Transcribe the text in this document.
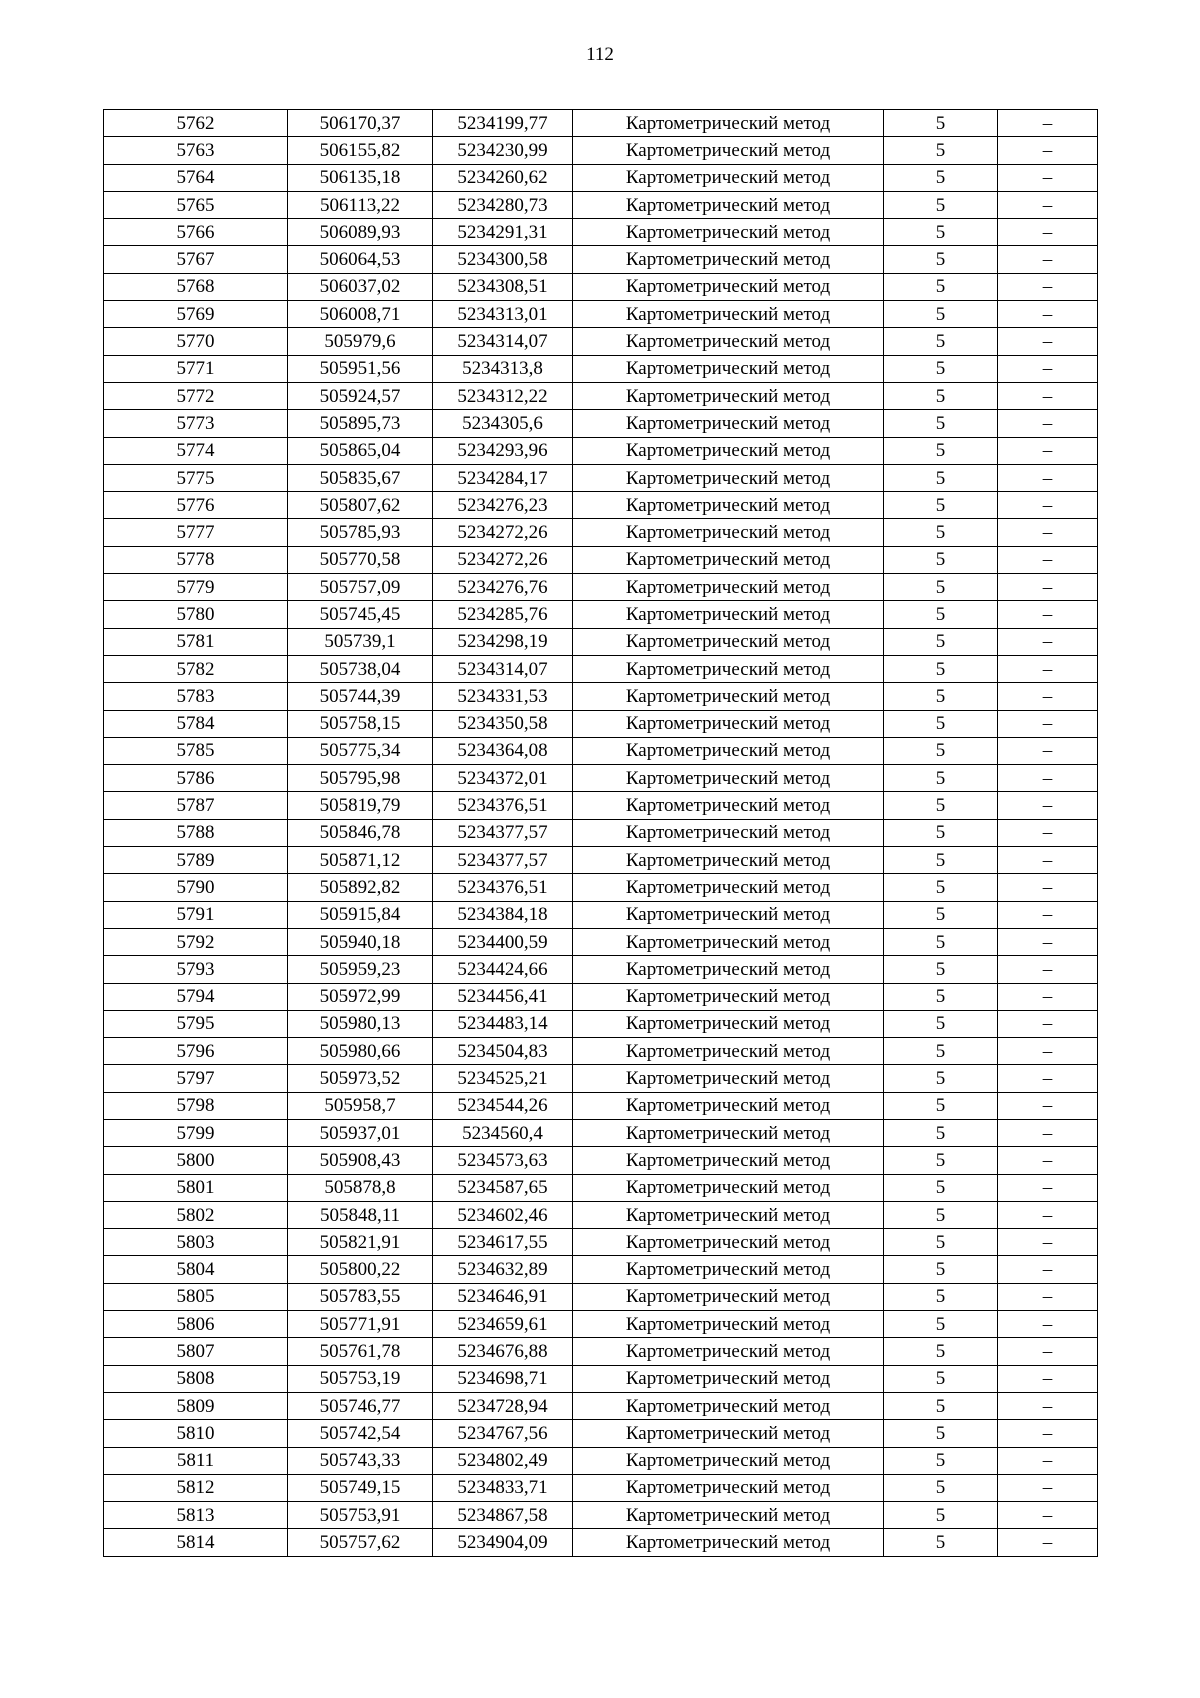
112
5762	506170,37	5234199,77	Картометрический метод	5	–
5763	506155,82	5234230,99	Картометрический метод	5	–
5764	506135,18	5234260,62	Картометрический метод	5	–
5765	506113,22	5234280,73	Картометрический метод	5	–
5766	506089,93	5234291,31	Картометрический метод	5	–
5767	506064,53	5234300,58	Картометрический метод	5	–
5768	506037,02	5234308,51	Картометрический метод	5	–
5769	506008,71	5234313,01	Картометрический метод	5	–
5770	505979,6	5234314,07	Картометрический метод	5	–
5771	505951,56	5234313,8	Картометрический метод	5	–
5772	505924,57	5234312,22	Картометрический метод	5	–
5773	505895,73	5234305,6	Картометрический метод	5	–
5774	505865,04	5234293,96	Картометрический метод	5	–
5775	505835,67	5234284,17	Картометрический метод	5	–
5776	505807,62	5234276,23	Картометрический метод	5	–
5777	505785,93	5234272,26	Картометрический метод	5	–
5778	505770,58	5234272,26	Картометрический метод	5	–
5779	505757,09	5234276,76	Картометрический метод	5	–
5780	505745,45	5234285,76	Картометрический метод	5	–
5781	505739,1	5234298,19	Картометрический метод	5	–
5782	505738,04	5234314,07	Картометрический метод	5	–
5783	505744,39	5234331,53	Картометрический метод	5	–
5784	505758,15	5234350,58	Картометрический метод	5	–
5785	505775,34	5234364,08	Картометрический метод	5	–
5786	505795,98	5234372,01	Картометрический метод	5	–
5787	505819,79	5234376,51	Картометрический метод	5	–
5788	505846,78	5234377,57	Картометрический метод	5	–
5789	505871,12	5234377,57	Картометрический метод	5	–
5790	505892,82	5234376,51	Картометрический метод	5	–
5791	505915,84	5234384,18	Картометрический метод	5	–
5792	505940,18	5234400,59	Картометрический метод	5	–
5793	505959,23	5234424,66	Картометрический метод	5	–
5794	505972,99	5234456,41	Картометрический метод	5	–
5795	505980,13	5234483,14	Картометрический метод	5	–
5796	505980,66	5234504,83	Картометрический метод	5	–
5797	505973,52	5234525,21	Картометрический метод	5	–
5798	505958,7	5234544,26	Картометрический метод	5	–
5799	505937,01	5234560,4	Картометрический метод	5	–
5800	505908,43	5234573,63	Картометрический метод	5	–
5801	505878,8	5234587,65	Картометрический метод	5	–
5802	505848,11	5234602,46	Картометрический метод	5	–
5803	505821,91	5234617,55	Картометрический метод	5	–
5804	505800,22	5234632,89	Картометрический метод	5	–
5805	505783,55	5234646,91	Картометрический метод	5	–
5806	505771,91	5234659,61	Картометрический метод	5	–
5807	505761,78	5234676,88	Картометрический метод	5	–
5808	505753,19	5234698,71	Картометрический метод	5	–
5809	505746,77	5234728,94	Картометрический метод	5	–
5810	505742,54	5234767,56	Картометрический метод	5	–
5811	505743,33	5234802,49	Картометрический метод	5	–
5812	505749,15	5234833,71	Картометрический метод	5	–
5813	505753,91	5234867,58	Картометрический метод	5	–
5814	505757,62	5234904,09	Картометрический метод	5	–
